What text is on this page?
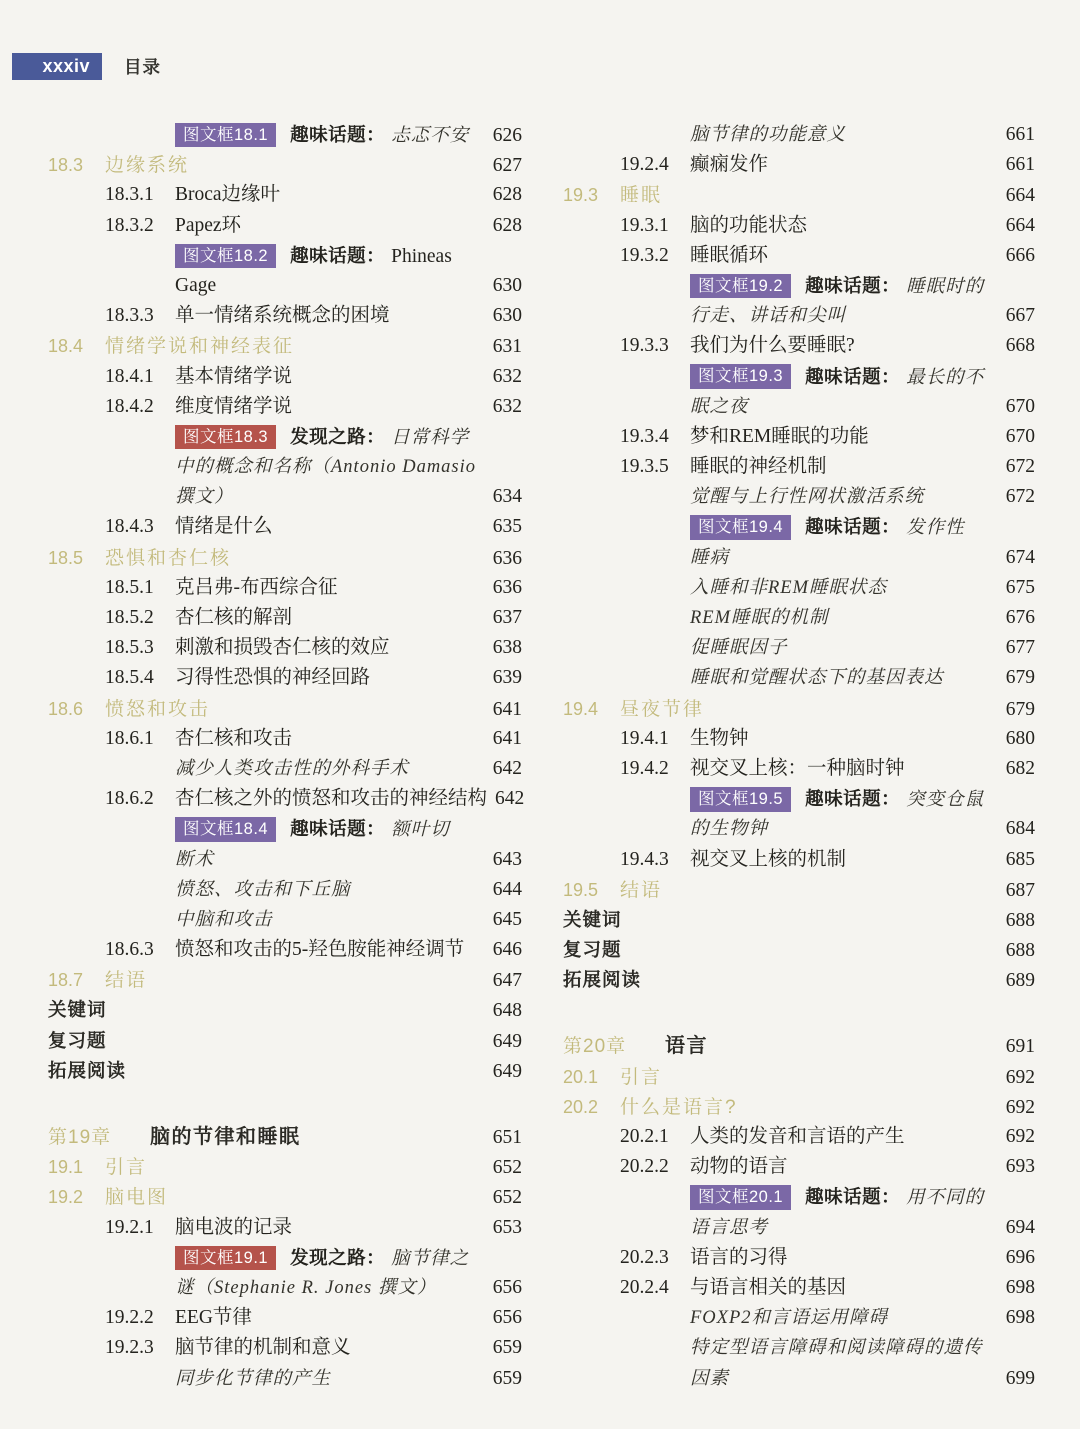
xxxiv 目录
图文框18.1	趣味话题： 忐忑不安	626
18.3	边缘系统	627
18.3.1	Broca边缘叶	628
18.3.2	Papez环	628
图文框18.2	趣味话题： Phineas
Gage	630
18.3.3	单一情绪系统概念的困境	630
18.4	情绪学说和神经表征	631
18.4.1	基本情绪学说	632
18.4.2	维度情绪学说	632
图文框18.3	发现之路： 日常科学
中的概念和名称（Antonio Damasio
撰文）	634
18.4.3	情绪是什么	635
18.5	恐惧和杏仁核	636
18.5.1	克吕弗-布西综合征	636
18.5.2	杏仁核的解剖	637
18.5.3	刺激和损毁杏仁核的效应	638
18.5.4	习得性恐惧的神经回路	639
18.6	愤怒和攻击	641
18.6.1	杏仁核和攻击	641
减少人类攻击性的外科手术	642
18.6.2	杏仁核之外的愤怒和攻击的神经结构 642
图文框18.4	趣味话题： 额叶切
断术	643
愤怒、攻击和下丘脑	644
中脑和攻击	645
18.6.3	愤怒和攻击的5-羟色胺能神经调节	646
18.7	结语	647
关键词	648
复习题	649
拓展阅读	649
第19章	脑的节律和睡眠	651
19.1	引言	652
19.2	脑电图	652
19.2.1	脑电波的记录	653
图文框19.1	发现之路： 脑节律之
谜（Stephanie R. Jones 撰文）	656
19.2.2	EEG节律	656
19.2.3	脑节律的机制和意义	659
同步化节律的产生	659
脑节律的功能意义	661
19.2.4	癫痫发作	661
19.3	睡眠	664
19.3.1	脑的功能状态	664
19.3.2	睡眠循环	666
图文框19.2	趣味话题： 睡眠时的
行走、讲话和尖叫	667
19.3.3	我们为什么要睡眠?	668
图文框19.3	趣味话题： 最长的不
眠之夜	670
19.3.4	梦和REM睡眠的功能	670
19.3.5	睡眠的神经机制	672
觉醒与上行性网状激活系统	672
图文框19.4	趣味话题： 发作性
睡病	674
入睡和非REM睡眠状态	675
REM睡眠的机制	676
促睡眠因子	677
睡眠和觉醒状态下的基因表达	679
19.4	昼夜节律	679
19.4.1	生物钟	680
19.4.2	视交叉上核：一种脑时钟	682
图文框19.5	趣味话题： 突变仓鼠
的生物钟	684
19.4.3	视交叉上核的机制	685
19.5	结语	687
关键词	688
复习题	688
拓展阅读	689
第20章	语言	691
20.1	引言	692
20.2	什么是语言?	692
20.2.1	人类的发音和言语的产生	692
20.2.2	动物的语言	693
图文框20.1	趣味话题： 用不同的
语言思考	694
20.2.3	语言的习得	696
20.2.4	与语言相关的基因	698
FOXP2和言语运用障碍	698
特定型语言障碍和阅读障碍的遗传
因素	699
